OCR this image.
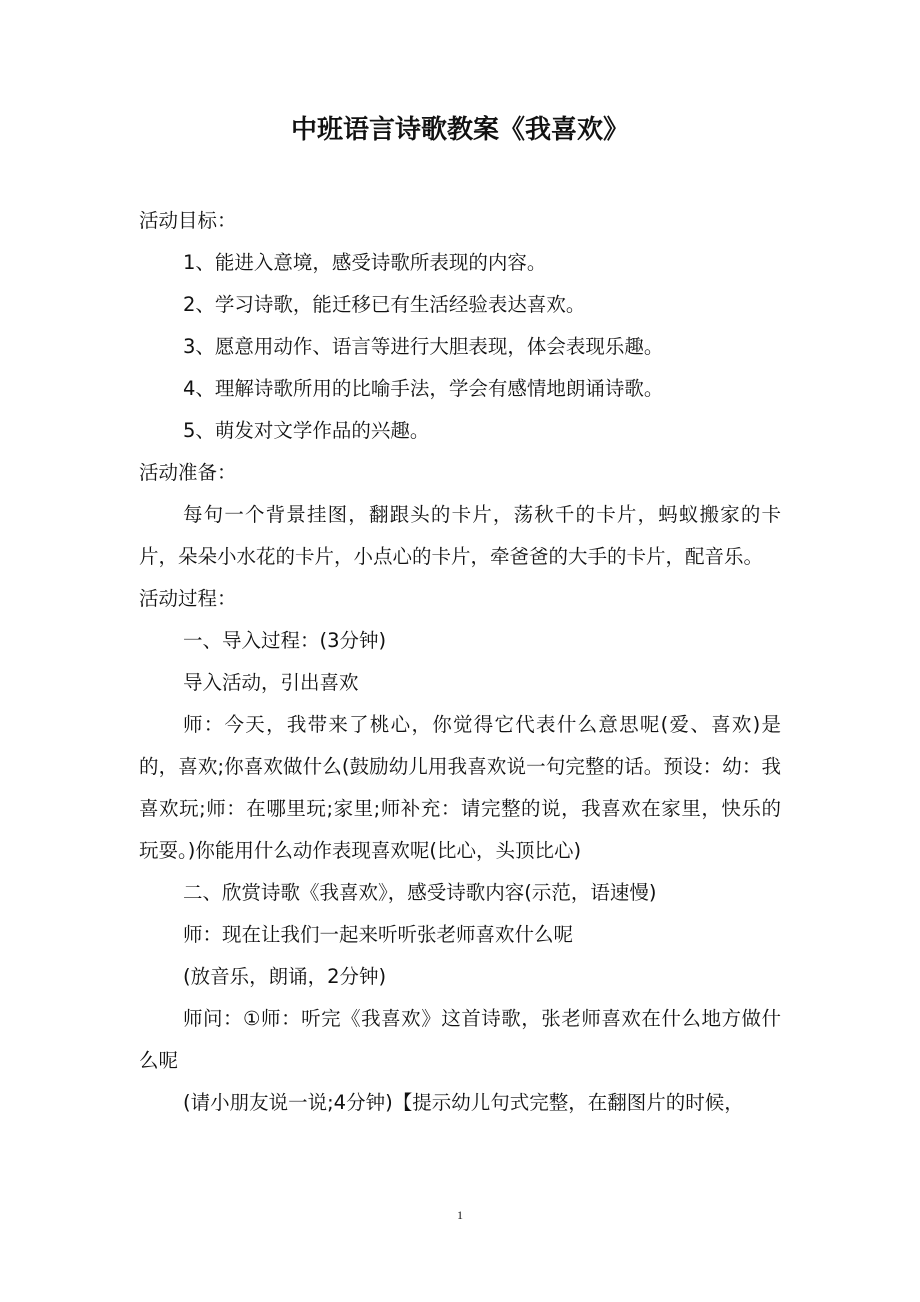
中班语言诗歌教案《我喜欢》

活动目标：

1、能进入意境，感受诗歌所表现的内容。

2、学习诗歌，能迁移已有生活经验表达喜欢。

3、愿意用动作、语言等进行大胆表现，体会表现乐趣。

4、理解诗歌所用的比喻手法，学会有感情地朗诵诗歌。

5、萌发对文学作品的兴趣。

活动准备：

每句一个背景挂图，翻跟头的卡片，荡秋千的卡片，蚂蚁搬家的卡片，朵朵小水花的卡片，小点心的卡片，牵爸爸的大手的卡片，配音乐。

活动过程：

一、导入过程：(3分钟)

导入活动，引出喜欢

师：今天，我带来了桃心，你觉得它代表什么意思呢(爱、喜欢)是的，喜欢;你喜欢做什么(鼓励幼儿用我喜欢说一句完整的话。预设：幼：我喜欢玩;师：在哪里玩;家里;师补充：请完整的说，我喜欢在家里，快乐的玩耍。)你能用什么动作表现喜欢呢(比心，头顶比心)

二、欣赏诗歌《我喜欢》，感受诗歌内容(示范，语速慢)

师：现在让我们一起来听听张老师喜欢什么呢

(放音乐，朗诵，2分钟)

师问：①师：听完《我喜欢》这首诗歌，张老师喜欢在什么地方做什么呢

(请小朋友说一说;4分钟)【提示幼儿句式完整，在翻图片的时候，

1
